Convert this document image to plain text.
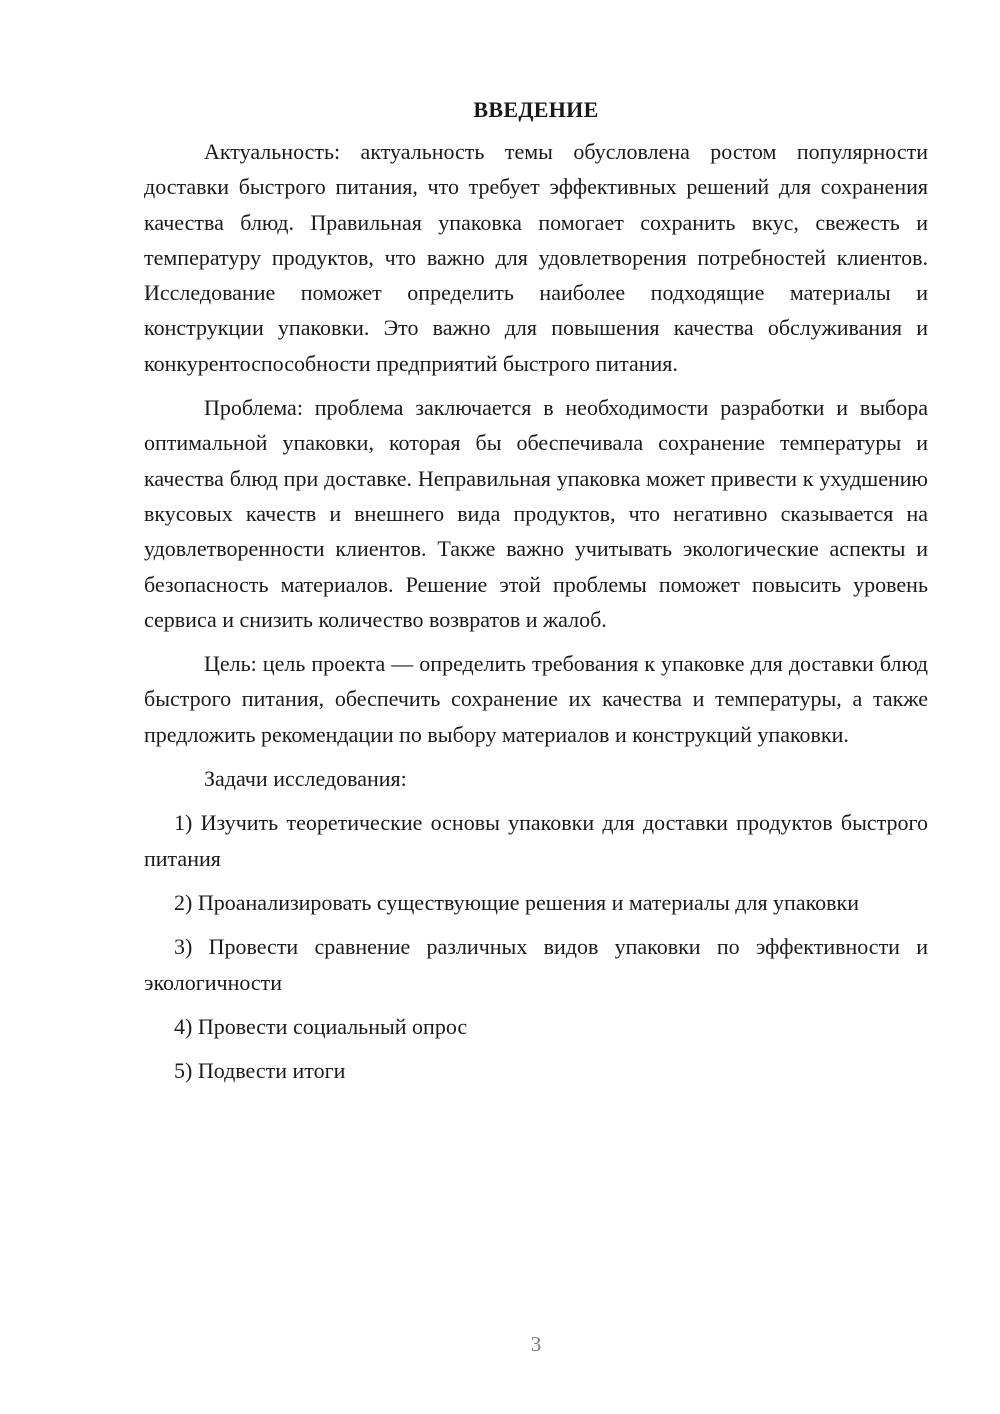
ВВЕДЕНИЕ

Актуальность: актуальность темы обусловлена ростом популярности доставки быстрого питания, что требует эффективных решений для сохранения качества блюд. Правильная упаковка помогает сохранить вкус, свежесть и температуру продуктов, что важно для удовлетворения потребностей клиентов. Исследование поможет определить наиболее подходящие материалы и конструкции упаковки. Это важно для повышения качества обслуживания и конкурентоспособности предприятий быстрого питания.

Проблема: проблема заключается в необходимости разработки и выбора оптимальной упаковки, которая бы обеспечивала сохранение температуры и качества блюд при доставке. Неправильная упаковка может привести к ухудшению вкусовых качеств и внешнего вида продуктов, что негативно сказывается на удовлетворенности клиентов. Также важно учитывать экологические аспекты и безопасность материалов. Решение этой проблемы поможет повысить уровень сервиса и снизить количество возвратов и жалоб.

Цель: цель проекта — определить требования к упаковке для доставки блюд быстрого питания, обеспечить сохранение их качества и температуры, а также предложить рекомендации по выбору материалов и конструкций упаковки.

Задачи исследования:

1) Изучить теоретические основы упаковки для доставки продуктов быстрого питания

2) Проанализировать существующие решения и материалы для упаковки

3) Провести сравнение различных видов упаковки по эффективности и экологичности

4) Провести социальный опрос

5) Подвести итоги

3
